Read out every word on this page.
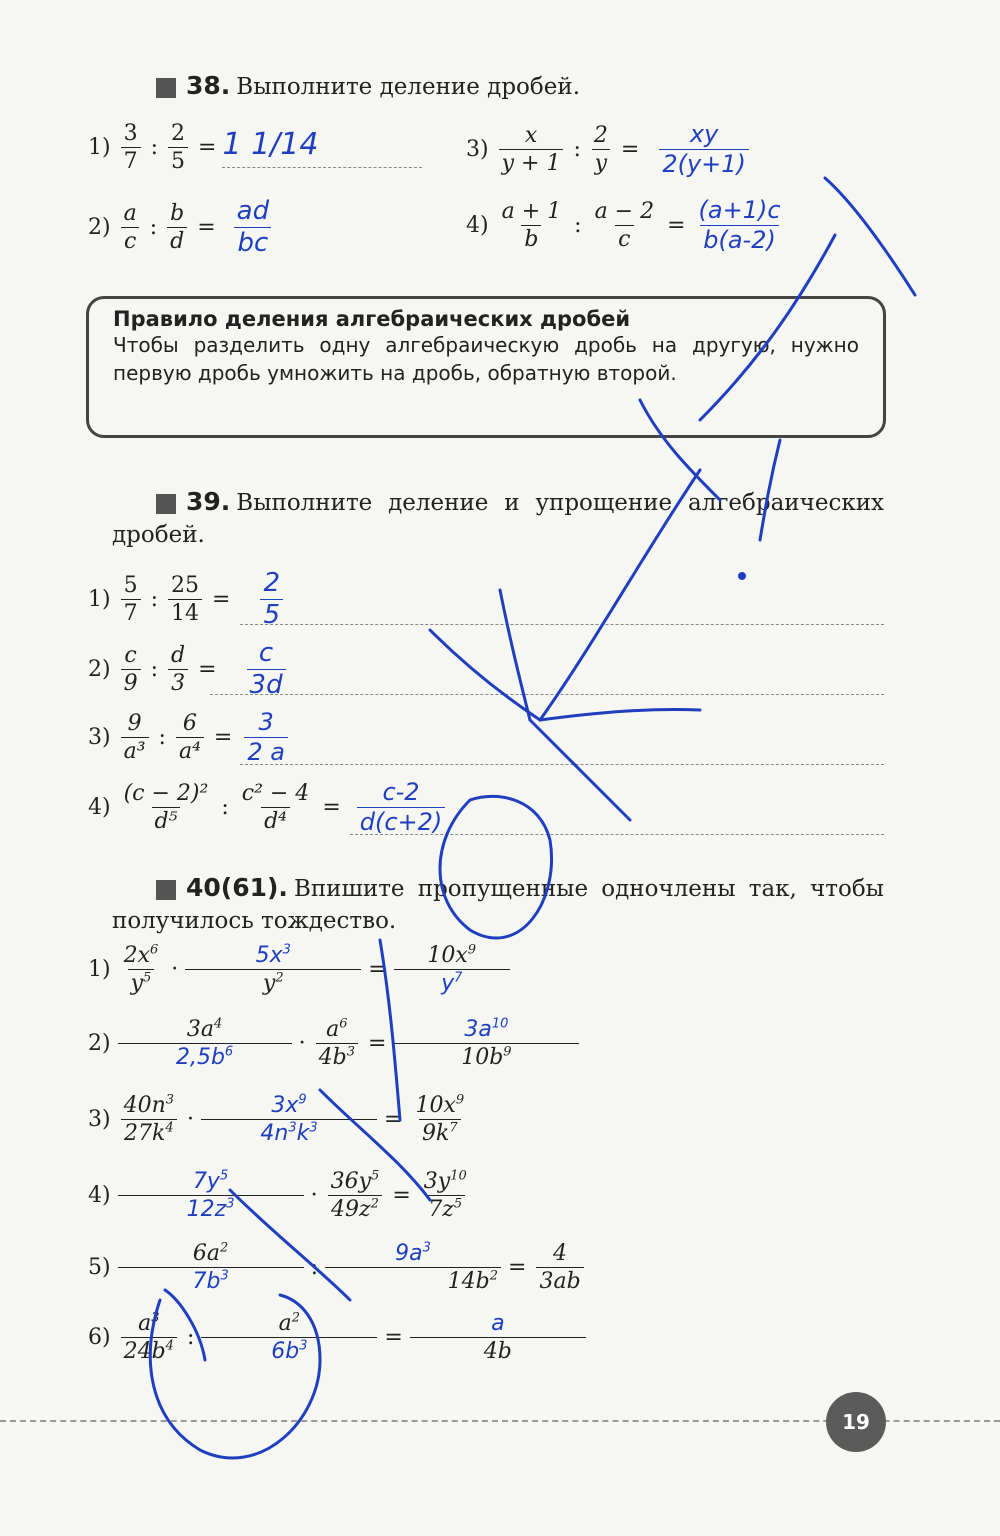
38. Выполните деление дробей.
$1) \frac{3}{7}$ : $\frac{2}{5} = 1$ 1/14
$2) \frac{a}{c}$ : $\frac{b}{d} = \frac{ad}{bc}$
$3) \frac{x}{y + 1}$ : $\frac{2}{y} = \frac{xy}{2(y+1)}$
$4) \frac{a + 1}{b}$ : $\frac{a - 2}{c} = \frac{(a+1)c}{b(a-2)}$
Правило деления алгебраических дробей
Чтобы разделить одну алгебраическую дробь на другую, нужно первую дробь умножить на дробь, обратную второй.
39. Выполните деление и упрощение алгебраических дробей.
$1) \frac{5}{7}$ : $\frac{25}{14} = \frac{2}{5}$
$2) \frac{c}{9}$ : $\frac{d}{3} = \frac{c}{3d}$
$3) \frac{9}{\text{a³}}$ : $\frac{6}{\text{a⁴}} = \frac{3}{2 a}$
$4) \frac{\text{(c − 2)²}}{\text{d⁵}}$ : $\frac{\text{c² − 4}}{\text{d⁴}} = \frac{c-2}{d(c+2)}$
40(61). Впишите пропущенные одночлены так, чтобы получилось тождество.
$1) \frac{2x^6}{y^5} \cdot \frac{5x^3}{y^2} = \frac{10x^9}{y^7}$
$2) \frac{3a^4}{2,5b^6} \cdot \frac{a^6}{4b^3} = \frac{3a^{10}}{10b^9}$
$3) \frac{40n^3}{27k^4} \cdot \frac{3x^9}{4n^3k^3} = \frac{10x^9}{9k^7}$
$4) \frac{7y^5}{12z^3} \cdot \frac{36y^5}{49z^2} = \frac{3y^{10}}{7z^5}$
$5) \frac{6a^2}{7b^3}$ : $\frac{9a^3}{14b^2} = \frac{4}{3ab}$
$6) \frac{a^3}{24b^4}$ : $\frac{a^2}{6b^3} = \frac{a}{4b}$
19
